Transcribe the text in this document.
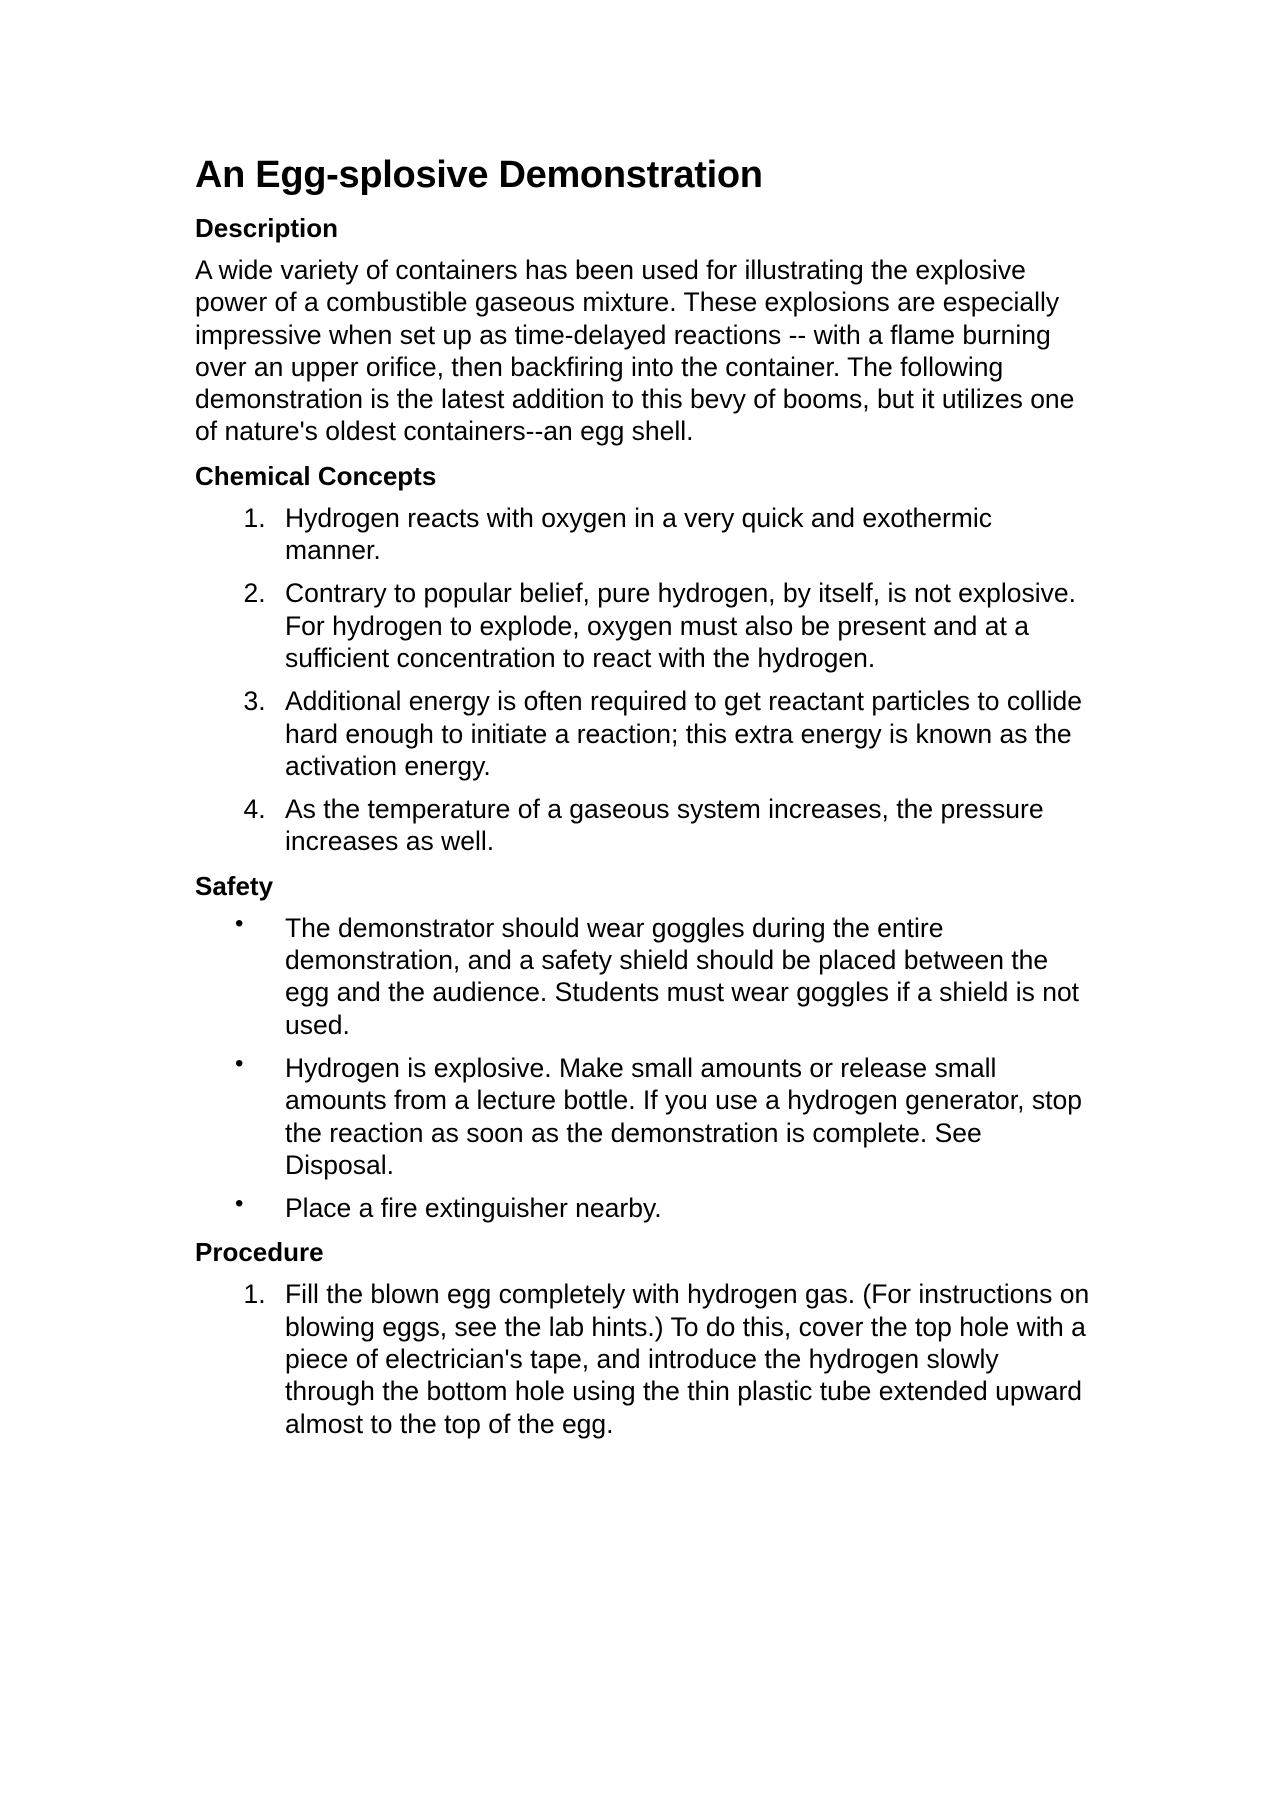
An Egg-splosive Demonstration
Description

A wide variety of containers has been used for illustrating the explosive power of a combustible gaseous mixture. These explosions are especially impressive when set up as time-delayed reactions -- with a flame burning over an upper orifice, then backfiring into the container. The following demonstration is the latest addition to this bevy of booms, but it utilizes one of nature's oldest containers--an egg shell.

Chemical Concepts
1. Hydrogen reacts with oxygen in a very quick and exothermic manner.
2. Contrary to popular belief, pure hydrogen, by itself, is not explosive. For hydrogen to explode, oxygen must also be present and at a sufficient concentration to react with the hydrogen.
3. Additional energy is often required to get reactant particles to collide hard enough to initiate a reaction; this extra energy is known as the activation energy.
4. As the temperature of a gaseous system increases, the pressure increases as well.
Safety
• The demonstrator should wear goggles during the entire demonstration, and a safety shield should be placed between the egg and the audience. Students must wear goggles if a shield is not used.
• Hydrogen is explosive. Make small amounts or release small amounts from a lecture bottle. If you use a hydrogen generator, stop the reaction as soon as the demonstration is complete. See Disposal.
• Place a fire extinguisher nearby.
Procedure
1. Fill the blown egg completely with hydrogen gas. (For instructions on blowing eggs, see the lab hints.) To do this, cover the top hole with a piece of electrician's tape, and introduce the hydrogen slowly through the bottom hole using the thin plastic tube extended upward almost to the top of the egg.
